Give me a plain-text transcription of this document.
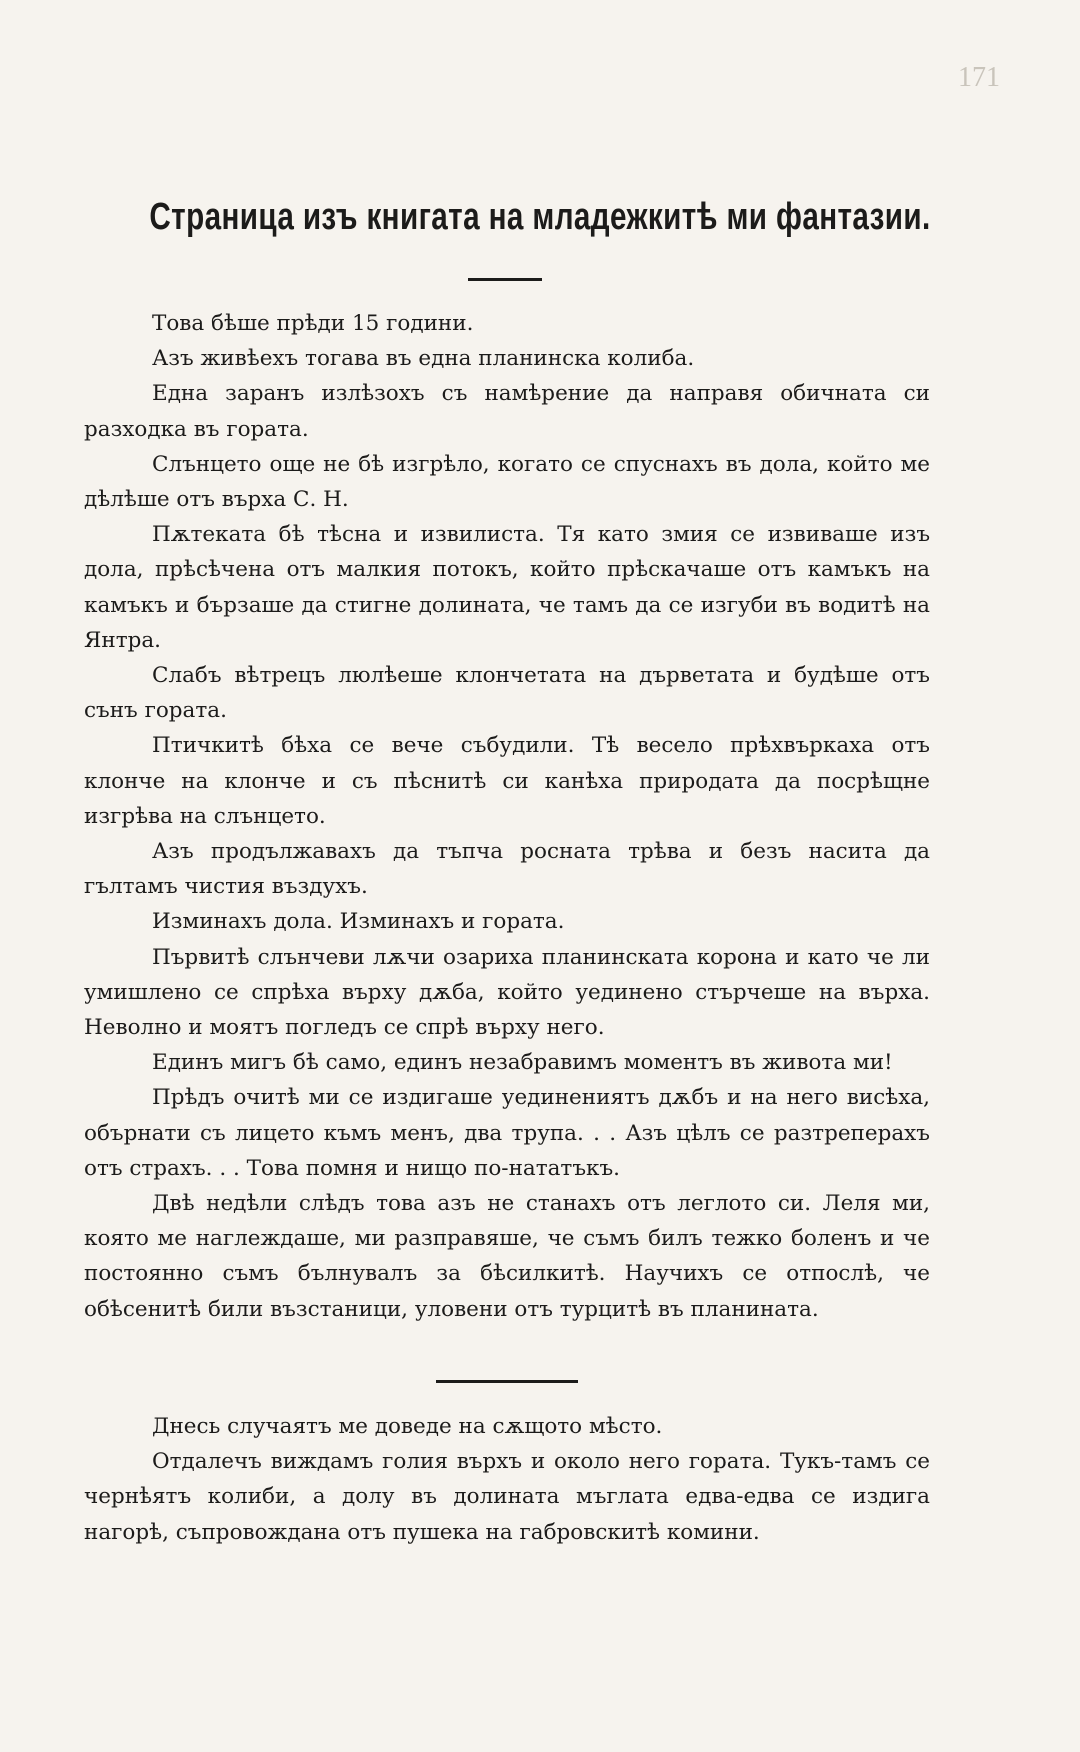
171
Страница изъ книгата на младежкитѣ ми фантазии.

Това бѣше прѣди 15 години.

Азъ живѣехъ тогава въ една планинска колиба.

Една заранъ излѣзохъ съ намѣрение да направя обичната си разходка въ гората.

Слънцето още не бѣ изгрѣло, когато се спуснахъ въ дола, който ме дѣлѣше отъ върха С. Н.

Пѫтеката бѣ тѣсна и извилиста. Тя като змия се извиваше изъ дола, прѣсѣчена отъ малкия потокъ, който прѣскачаше отъ камъкъ на камъкъ и бързаше да стигне долината, че тамъ да се изгуби въ водитѣ на Янтра.

Слабъ вѣтрецъ люлѣеше клончетата на дърветата и будѣше отъ сънъ гората.

Птичкитѣ бѣха се вече събудили. Тѣ весело прѣхвъркаха отъ клонче на клонче и съ пѣснитѣ си канѣха природата да посрѣщне изгрѣва на слънцето.

Азъ продължавахъ да тъпча росната трѣва и безъ насита да гълтамъ чистия въздухъ.

Изминахъ дола. Изминахъ и гората.

Първитѣ слънчеви лѫчи озариха планинската корона и като че ли умишлено се спрѣха върху дѫба, който уединено стърчеше на върха. Неволно и моятъ погледъ се спрѣ върху него.

Единъ мигъ бѣ само, единъ незабравимъ моментъ въ живота ми!

Прѣдъ очитѣ ми се издигаше уединениятъ дѫбъ и на него висѣха, обърнати съ лицето къмъ менъ, два трупа. . . Азъ цѣлъ се разтреперахъ отъ страхъ. . . Това помня и нищо по-нататъкъ.

Двѣ недѣли слѣдъ това азъ не станахъ отъ леглото си. Леля ми, която ме наглеждаше, ми разправяше, че съмъ билъ тежко боленъ и че постоянно съмъ бълнувалъ за бѣсилкитѣ. Научихъ се отпослѣ, че обѣсенитѣ били възстаници, уловени отъ турцитѣ въ планината.

Днесь случаятъ ме доведе на сѫщото мѣсто.

Отдалечъ виждамъ голия върхъ и около него гората. Тукъ-тамъ се чернѣятъ колиби, а долу въ долината мъглата едва-едва се издига нагорѣ, съпровождана отъ пушека на габровскитѣ комини.
